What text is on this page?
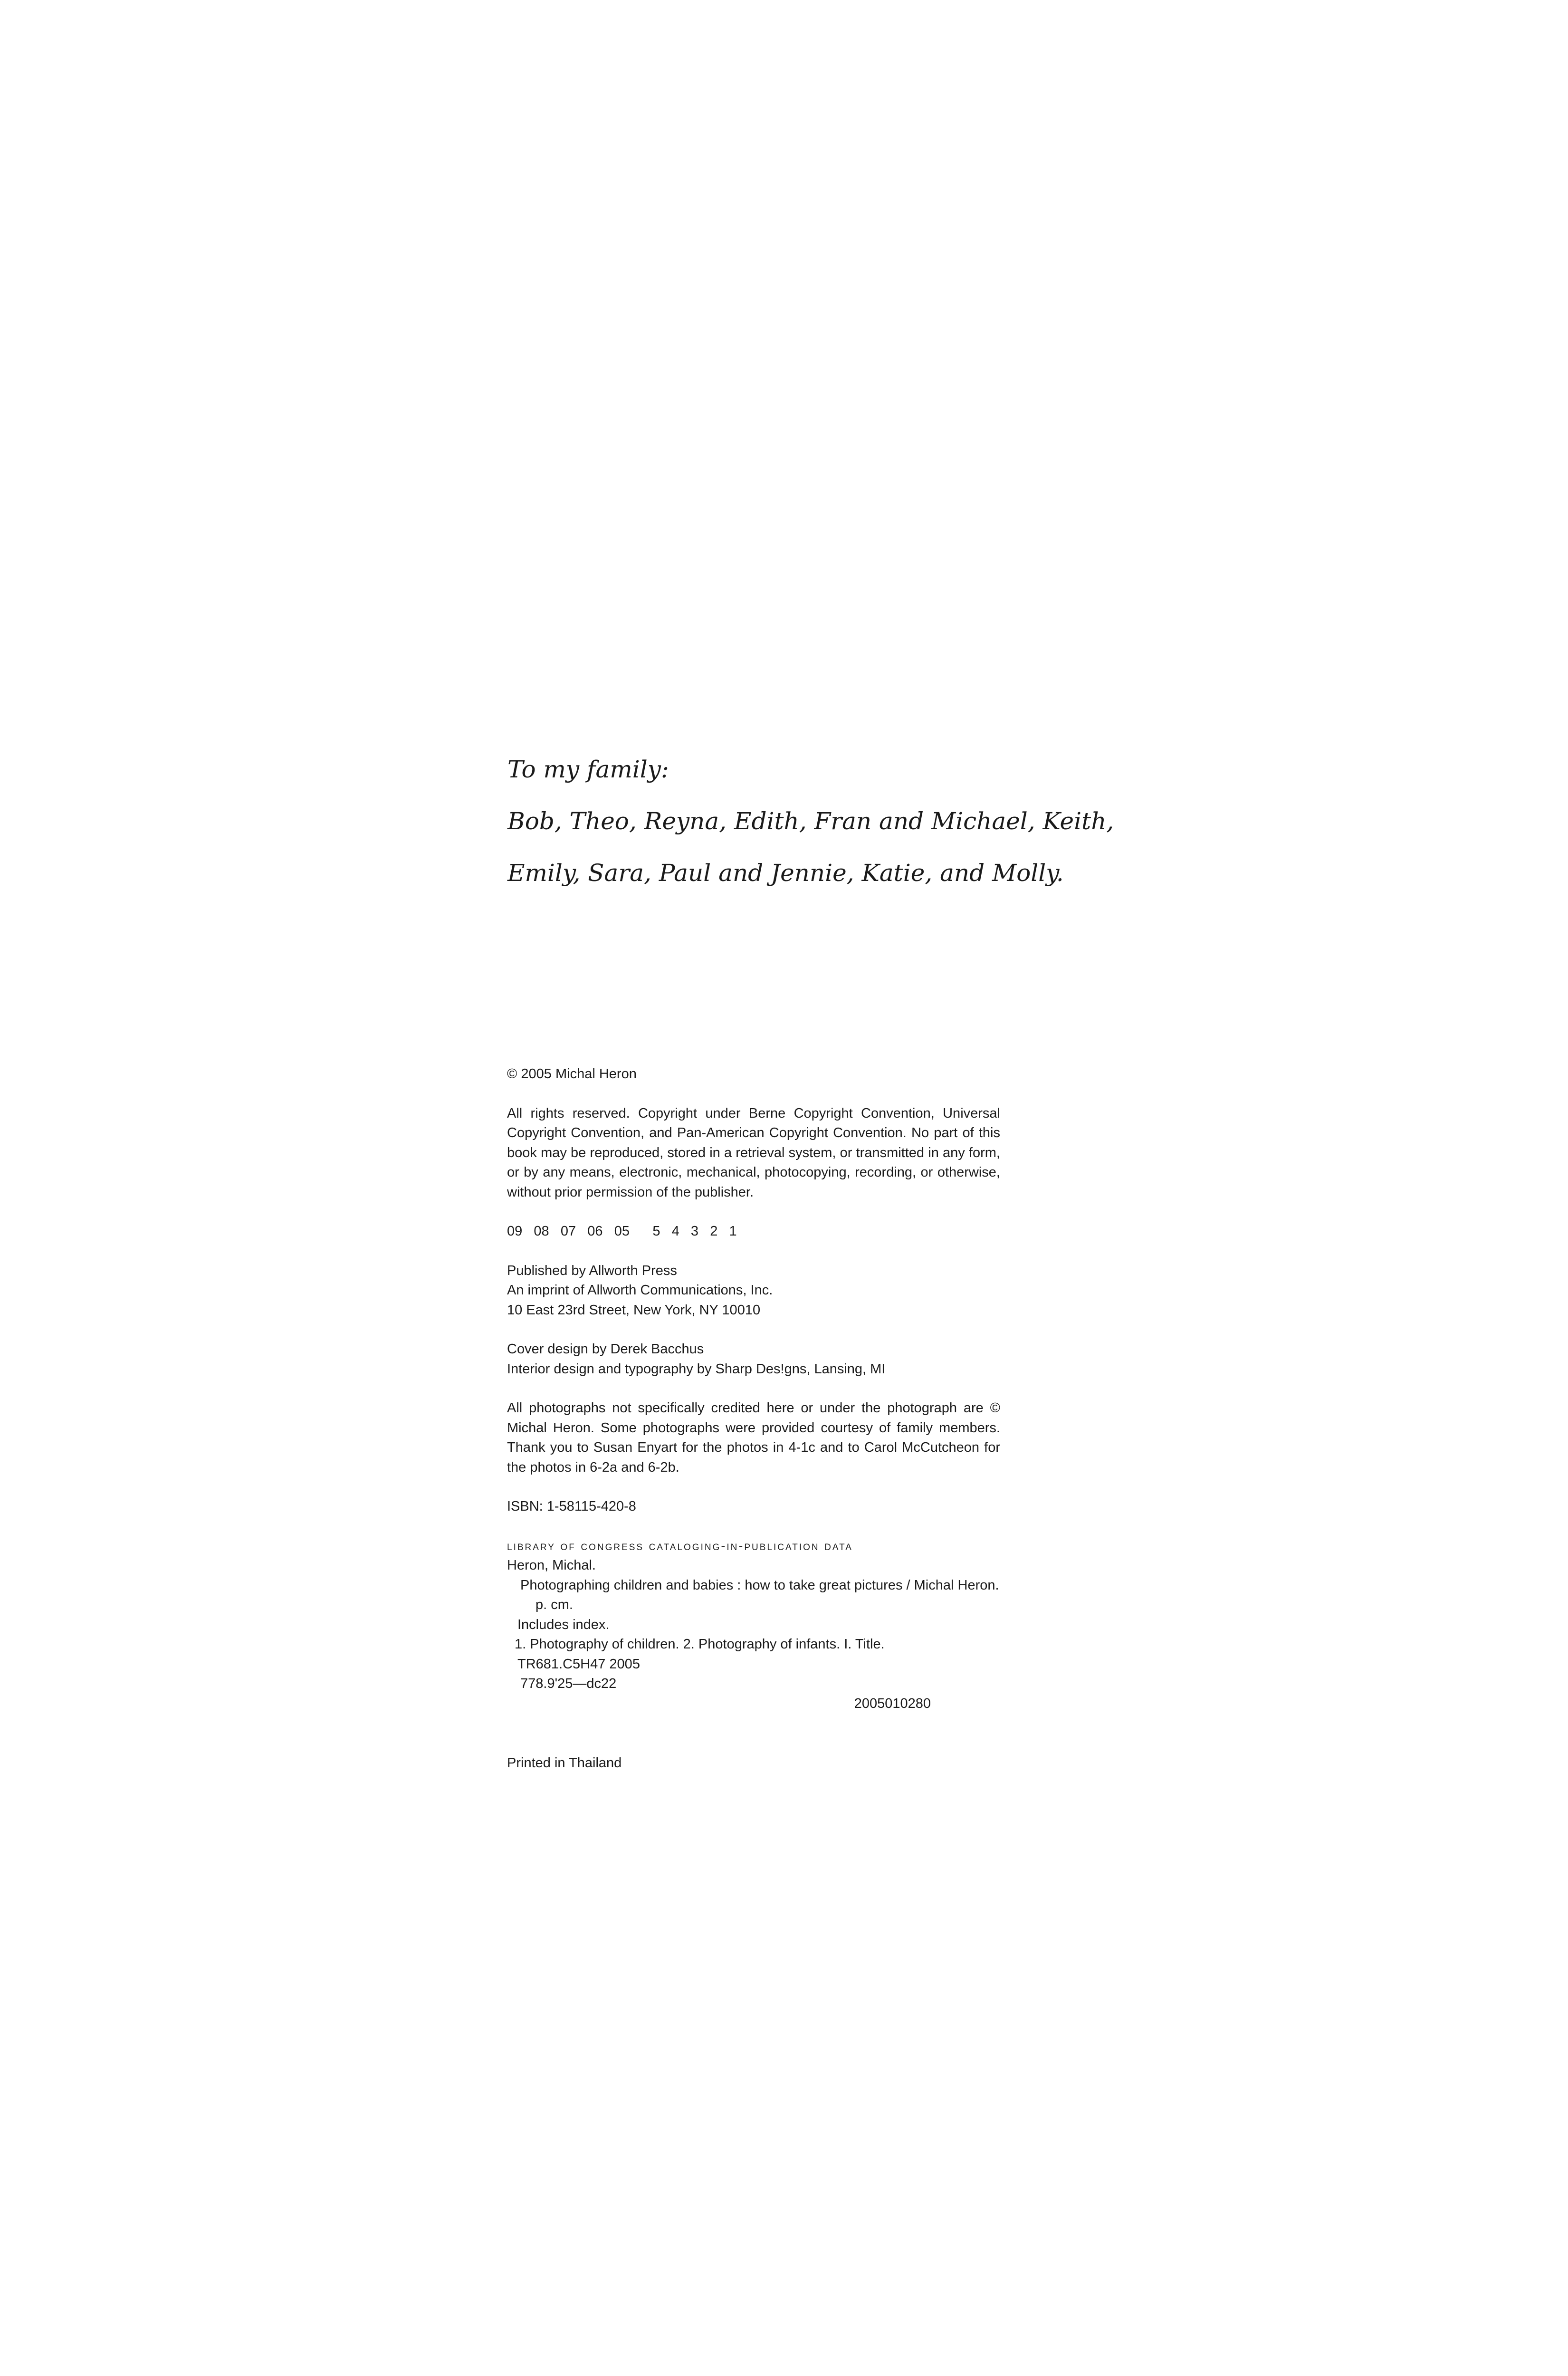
To my family:
Bob, Theo, Reyna, Edith, Fran and Michael, Keith,
Emily, Sara, Paul and Jennie, Katie, and Molly.

© 2005 Michal Heron

All rights reserved. Copyright under Berne Copyright Convention, Universal Copyright Convention, and Pan-American Copyright Convention. No part of this book may be reproduced, stored in a retrieval system, or transmitted in any form, or by any means, electronic, mechanical, photocopying, recording, or otherwise, without prior permission of the publisher.

09   08   07   06   05      5   4   3   2   1

Published by Allworth Press
An imprint of Allworth Communications, Inc.
10 East 23rd Street, New York, NY 10010

Cover design by Derek Bacchus
Interior design and typography by Sharp Des!gns, Lansing, MI

All photographs not specifically credited here or under the photograph are © Michal Heron. Some photographs were provided courtesy of family members. Thank you to Susan Enyart for the photos in 4-1c and to Carol McCutcheon for the photos in 6-2a and 6-2b.

ISBN: 1-58115-420-8

library of congress cataloging-in-publication data
Heron, Michal.
Photographing children and babies : how to take great pictures / Michal Heron.
p. cm.
Includes index.
1. Photography of children. 2. Photography of infants. I. Title.
TR681.C5H47 2005
778.9'25—dc22
2005010280

Printed in Thailand
